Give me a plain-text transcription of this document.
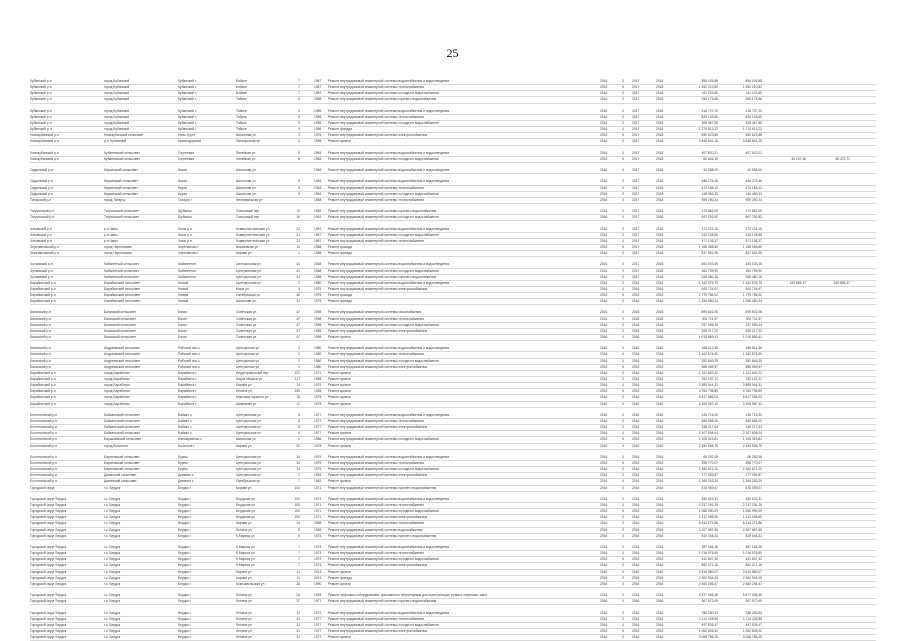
25
Кубанский р-н	город Кубанский	Кубанский г.	Бойкое	7	1967	Ремонт внутридомовой инженерной системы водоснабжения и водоотведения	2016	0 2017	2018	895 026,88	894 026,88
Кубанский р-н	город Кубанский	Кубанский г.	Бойкое	7	1967	Ремонт внутридомовой инженерной системы теплоснабжения	2016	0 2017	2018	1 262 210,82	1 262 210,82
Кубанский р-н	город Кубанский	Кубанский г.	Бойкое	7	1967	Ремонт внутридомовой инженерной системы холодного водоснабжения	2016	0 2017	2018	411 223,65	411 223,65
Кубанский р-н	город Кубанский	Кубанский г.	Тойкое	8	1958	Ремонт внутридомовой инженерной системы горячего водоснабжения	2016	0 2017	2018	250 175,66	250 175,66
Кубанский р-н	город Кубанский	Кубанский г.	Тойкое	9	1956	Ремонт внутридомовой инженерной системы водоснабжения и водоотведения	2016	0 2017	2018	316 707,20	316 707,20
Кубанский р-н	город Кубанский	Кубанский г.	Тойкое	9	1956	Ремонт внутридомовой инженерной системы теплоснабжения	2016	0 2017	2018	829 109,65	829 109,65
Кубанский р-н	город Кубанский	Кубанский г.	Тойкое	9	1956	Ремонт внутридомовой инженерной системы холодного водоснабжения	2016	0 2017	2018	308 467,85	308 467,85
Кубанский р-н	город Кубанский	Кубанский г.	Тойкое	9	1956	Ремонт фасада	2016	0 2017	2018	1 274 613,22	1 274 613,22
Новокубанский р-н	Новокубанский сельсовет	Ново-Грунт	Школьная ул	3	1975	Ремонт внутридомовой инженерной системы электроснабжения	2016	0 2017	2018	650 623,85	650 623,85
Новокубанский р-н	р.п. Кубанский	Краснодорский	Октябрьская ул	2	1998	Ремонт кровли	2016	0 2017	2018	3 848 541,25	3 848 541,25
Новокубанский р-н	Кубанянский сельсовет	Сергеевка	Линейная ул	8	1964	Ремонт внутридомовой инженерной системы водоснабжения и водоотведения	2016	0 2017	2018	407 520,21	407 520,21
Новокубанский р-н	Кубанянский сельсовет	Сергеевка	Линейная ул	8	1964	Ремонт внутридомовой инженерной системы холодного водоснабжения	2016	0 2017	2018	60 604,30	45 187,46	38 470,71
Ордынский р-н	Кирзинский сельсовет	Кирза	Школьная ул	1963	Ремонт внутридомовой инженерной системы водоснабжения и водоотведения	2016	0 2017	2018	40 558,00	40 558,00
Ордынский р-н	Кирзинский сельсовет	Кирза	Школьная ул	5	1963	Ремонт внутридомовой инженерной системы водоснабжения и водоотведения	2016	0 2017	2018	456 276,46	456 276,46
Ордынский р-н	Кирзинский сельсовет	Кирза	Школьная ул	5	1963	Ремонт внутридомовой инженерной системы теплоснабжения	2016	0 2017	2018	474 184,42	474 184,42
Ордынский р-н	Кирзинский сельсовет	Кирза	Школьная ул	5	1963	Ремонт внутридомовой инженерной системы холодного водоснабжения	2016	0 2017	2018	146 483,33	146 483,33
Татарский р-н	город Татарск	Татарск г.	Фестивальная ул	1958	Ремонт внутридомовой инженерной системы теплоснабжения	2016	0 2017	2018	999 250,24	999 250,24
Тогучинский р-н	Тогучинский сельсовет	Шубкино	Совхозный пер	10	1962	Ремонт внутридомовой инженерной системы горячего водоснабжения	2016	0 2017	2018	173 862,09	173 862,09
Тогучинский р-н	Тогучинский сельсовет	Шубкино	Совхозный пер	10	1962	Ремонт внутридомовой инженерной системы холодного водоснабжения	2016	0 2017	2018	697 752,82	697 752,82
Чановский р-н	р.п.Чаны	Чаны р.п.	Коммунистическая ул	21	1967	Ремонт внутридомовой инженерной системы водоснабжения и водоотведения	2016	0 2017	2018	172 221,15	172 221,15
Чановский р-н	р.п.Чаны	Чаны р.п.	Коммунистическая ул	21	1967	Ремонт внутридомовой инженерной системы холодного водоснабжения	2016	0 2017	2018	243 108,85	243 108,85
Чановский р-н	р.п.Чаны	Чаны р.п.	Коммунистическая ул	21	1967	Ремонт внутридомовой инженерной системы теплоснабжения	2016	0 2017	2018	571 105,27	571 105,27
Черепановский р-н	город Черепаново	Черепаново г.	Вокзальная ул	10	1968	Ремонт фасада	2016	0 2017	2018	1 168 086,80	1 168 086,80
Черепановский р-н	город Черепаново	Черепаново г.	Кирова ул	1	1968	Ремонт фасада	2016	0 2017	2018	837 652,95	837 652,95
Чулымский р-н	Кабинетный сельсовет	Кабинетное	Центральная ул	41	1968	Ремонт внутридомовой инженерной системы водоснабжения и водоотведения	2016	0 2017	2018	454 033,45	454 033,45
Чулымский р-н	Кабинетный сельсовет	Кабинетное	Центральная ул	41	1968	Ремонт внутридомовой инженерной системы холодного водоснабжения	2016	0 2017	2018	363 795,90	363 795,90
Чулымский р-н	Кабинетный сельсовет	Кабинетное	Центральная ул	41	1968	Ремонт внутридомовой инженерной системы горячего водоснабжения	2016	0 2017	2018	268 480,18	268 480,18
Барабинский р-н	Барабинский сельсовет	Новый	Центральная ул	2	1980	Ремонт внутридомовой инженерной системы водоснабжения и водоотведения	2016	0 2016	2016	1 342 576,75	1 342 576,75	169 856,37	169 856,37
Барабинский р-н	Барабинский сельсовет	Новый	Мира ул	9	1975	Ремонт внутридомовой инженерной системы электроснабжения	2016	0 2016	2016	500 724,67	500 724,67
Барабинский р-н	Барабинский сельсовет	Новый	Октябрьская ул	36	1975	Ремонт фасада	2016	0 2016	2016	1 779 785,02	1 779 785,02
Барабинский р-н	Барабинский сельсовет	Новый	Школьная ул	31	1975	Ремонт фасада	2016	0 2016	2016	1 256 080,24	1 256 080,24
Баганский р-н	Баганский сельсовет	Баган	Советская ул	47	1998	Ремонт внутридомовой инженерной системы газоснабжения	2016	0 2018	2018	899 602,06	899 602,06
Баганский р-н	Баганский сельсовет	Баган	Советская ул	47	1998	Ремонт внутридомовой инженерной системы теплоснабжения	2016	0 2018	2018	302 711,97	302 711,97
Баганский р-н	Баганский сельсовет	Баган	Советская ул	47	1998	Ремонт внутридомовой инженерной системы холодного водоснабжения	2016	0 2018	2018	297 599,44	297 599,44
Баганский р-н	Баганский сельсовет	Баган	Советская ул	47	1998	Ремонт внутридомовой инженерной системы электроснабжения	2016	0 2018	2018	265 217,02	265 217,02
Баганский р-н	Баганский сельсовет	Баган	Советская ул	47	1998	Ремонт кровли	2016	0 2018	2018	1 018 869,41	1 018 869,41
Баганский р-н	Андреевский сельсовет	Рабочий пос-к	Централная ул	2	1980	Ремонт внутридомовой инженерной системы водоснабжения и водоотведения	2016	0 2016	2016	168 512,38	168 512,38
Баганский р-н	Андреевский сельсовет	Рабочий пос-к	Централная ул	2	1980	Ремонт внутридомовой инженерной системы теплоснабжения	2016	0 2016	2016	1 162 874,60	1 162 874,60
Баганский р-н	Андреевский сельсовет	Рабочий пос-к	Централная ул	2	1980	Ремонт внутридомовой инженерной системы холодного водоснабжения	2016	0 2016	2016	352 849,25	352 849,25
Баганский р-н	Андреевский сельсовет	Рабочий пос-к	Централная ул	2	1980	Ремонт внутридомовой инженерной системы электроснабжения	2016	0 2016	2016	588 069,97	588 069,97
Барабинский р-н	город Барабинск	Барабинск г.	Индустриальный пер	102	1971	Ремонт кровли	2016	0 2016	2016	1 101 609,22	1 101 609,22
Барабинский р-н	город Барабинск	Барабинск г.	Карла Маркса ул	117	1958	Ремонт кровли	2016	0 2016	2016	762 187,21	762 187,21
Барабинский р-н	город Барабинск	Барабинск г.	Кирова ул	24	1979	Ремонт кровли	2016	0 2016	2016	2 585 944,31	2 585 944,31
Барабинский р-н	город Барабинск	Барабинск г.	Ленина ул	155	1928	Ремонт кровли	2016	0 2016	2016	4 764 798,89	4 764 798,89
Барабинский р-н	город Барабинск	Барабинск г.	Максима Горького ул	18	1978	Ремонт кровли	2016	0 2016	2016	6 817 085,03	6 817 085,03
Барабинский р-н	город Барабинск	Барабинск г.	Шимакова ул	17	1978	Ремонт кровли	2016	0 2016	2016	3 106 987,42	3 106 987,42
Болотнинский р-н	Байкальский сельсовет	Байкал с.	Центральная ул	8	1977	Ремонт внутридомовой инженерной системы водоснабжения и водоотведения	2016	0 2016	2016	126 715,20	126 715,20
Болотнинский р-н	Байкальский сельсовет	Байкал с.	Центральная ул	8	1977	Ремонт внутридомовой инженерной системы теплоснабжения	2016	0 2016	2016	485 858,00	485 858,00
Болотнинский р-н	Байкальский сельсовет	Байкал с.	Центральная ул	8	1977	Ремонт внутридомовой инженерной системы электроснабжения	2016	0 2016	2016	246 217,64	246 217,64
Болотнинский р-н	Байкальский сельсовет	Байкал с.	Центральная ул	8	1977	Ремонт кровли	2016	0 2016	2016	2 107 808,04	2 107 808,04
Болотнинский р-н	Барышевский сельсовет	Малоирменка с.	Школьная ул	2	1986	Ремонт внутридомовой инженерной системы холодного водоснабжения	2016	0 2016	2016	1 105 315,81	1 105 315,81
Болотнинский р-н	город Болотное	Болотное г.	Кирова ул	52	1978	Ремонт кровли	2016	0 2016	2016	2 459 596,79	2 459 596,79
Болотнинский р-н	Баратовский сельсовет	Бурлы	Центральная ул	34	1979	Ремонт внутридомовой инженерной системы водоснабжения и водоотведения	2016	0 2016	2016	66 282,08	66 282,08
Болотнинский р-н	Баратовский сельсовет	Бурлы	Центральная ул	34	1979	Ремонт внутридомовой инженерной системы теплоснабжения	2016	0 2016	2016	398 770,07	398 770,07
Болотнинский р-н	Баратовский сельсовет	Бурлы	Центральная ул	34	1979	Ремонт внутридомовой инженерной системы холодного водоснабжения	2016	0 2016	2016	2 360 871,20	2 360 871,20
Болотнинский р-н	Дивинский сельсовет	Дивинка с.	Центральная ул	2	1964	Ремонт внутридомовой инженерной системы электроснабжения	2016	0 2016	2016	177 059,87	177 059,87
Болотнинский р-н	Дивинский сельсовет	Дивинка с.	Октябрьская ул	7	1963	Ремонт кровли	2016	0 2016	2016	1 369 253,20	1 369 253,20
Городской округ	г.о. Бердск	Бердск г.	Кирова ул	100	1971	Ремонт внутридомовой инженерной системы горячего водоснабжения	2016	0 2016	2016	678 059,07	678 059,07
Городской округ Бердск	г.о. Бердск	Бердск г.	Бердская ул	100	1971	Ремонт внутридомовой инженерной системы водоснабжения и водоотведения	2016	0 2016	2016	450 623,31	450 623,31
Городской округ Бердск	г.о. Бердск	Бердск г.	Бердская ул	100	1971	Ремонт внутридомовой инженерной системы теплоснабжения	2016	0 2016	2016	2 237 291,25	2 237 291,25
Городской округ Бердск	г.о. Бердск	Бердск г.	Бердская ул	100	1971	Ремонт внутридомовой инженерной системы холодного водоснабжения	2016	0 2016	2016	1 066 990,09	1 066 990,09
Городской округ Бердск	г.о. Бердск	Бердск г.	Бердская ул	100	1971	Ремонт внутридомовой инженерной системы электроснабжения	2016	0 2016	2016	1 412 098,65	1 412 098,65
Городской округ Бердск	г.о. Бердск	Бердск г.	Кирова ул	24	1958	Ремонт внутридомовой инженерной системы теплоснабжения	2016	0 2016	2016	6 314 271,88	6 314 271,88
Городской округ Бердск	г.о. Бердск	Бердск г.	Ленина ул	8	1965	Ремонт внутридомовой инженерной системы водоснабжения	2016	0 2016	2016	2 207 687,65	2 207 687,65
Городской округ Бердск	г.о. Бердск	Бердск г.	К.Маркса ул	5	1975	Ремонт внутридомовой инженерной системы горячего водоснабжения	2016	0 2016	2016	819 048,31	819 048,31
Городской округ Бердск	г.о. Бердск	Бердск г.	К.Маркса ул	7	1973	Ремонт внутридомовой инженерной системы водоснабжения и водоотведения	2016	0 2016	2016	387 164,26	387 164,26
Городской округ Бердск	г.о. Бердск	Бердск г.	К.Маркса ул	7	1973	Ремонт внутридомовой инженерной системы теплоснабжения	2016	0 2016	2016	1 016 076,60	1 016 076,60
Городской округ Бердск	г.о. Бердск	Бердск г.	К.Маркса ул	7	1973	Ремонт внутридомовой инженерной системы холодного водоснабжения	2016	0 2016	2016	441 847,42	441 847,42
Городской округ Бердск	г.о. Бердск	Бердск г.	К.Маркса ул	7	1973	Ремонт внутридомовой инженерной системы электроснабжения	2016	0 2016	2016	852 271,16	852 271,16
Городской округ Бердск	г.о. Бердск	Бердск г.	Кирова ул	11	2013	Ремонт кровли	2016	0 2016	2016	3 516 580,07	3 516 580,07
Городской округ Бердск	г.о. Бердск	Бердск г.	Кирова ул	11	2013	Ремонт фасада	2016	0 2016	2016	2 300 904,09	2 300 904,09
Городской округ Бердск	г.о. Бердск	Бердск г.	Комсомольская ул	36	1990	Ремонт кровли	2016	0 2016	2016	2 460 256,47	2 460 256,47
Городской округ Бердск	г.о. Бердск	Бердск г.	Ленина ул	1А	1994	Ремонт лифтового оборудования, признанного непригодным для эксплуатации, ремонт лифтовых шахт	2016	0 2016	2016	5 877 346,46	5 877 346,46
Городской округ Бердск	г.о. Бердск	Бердск г.	Ленина ул	37	1977	Ремонт внутридомовой инженерной системы горячего водоснабжения	2016	0 2016	2016	367 572,69	367 572,69
Городской округ Бердск	г.о. Бердск	Бердск г.	Ленина ул	31	1977	Ремонт внутридомовой инженерной системы водоснабжения и водоотведения	2016	0 2016	2016	786 290,93	786 290,93
Городской округ Бердск	г.о. Бердск	Бердск г.	Ленина ул	31	1977	Ремонт внутридомовой инженерной системы теплоснабжения	2016	0 2016	2016	1 114 428,85	1 114 428,85
Городской округ Бердск	г.о. Бердск	Бердск г.	Ленина ул	31	1977	Ремонт внутридомовой инженерной системы холодного водоснабжения	2016	0 2016	2016	497 526,47	497 526,47
Городской округ Бердск	г.о. Бердск	Бердск г.	Ленина ул	31	1977	Ремонт внутридомовой инженерной системы электроснабжения	2016	0 2016	2016	1 062 805,02	1 062 805,02
Городской округ Бердск	г.о. Бердск	Бердск г.	Ленина ул	31	1977	Ремонт кровли	2016	0 2016	2016	3 068 786,25	3 068 786,25
